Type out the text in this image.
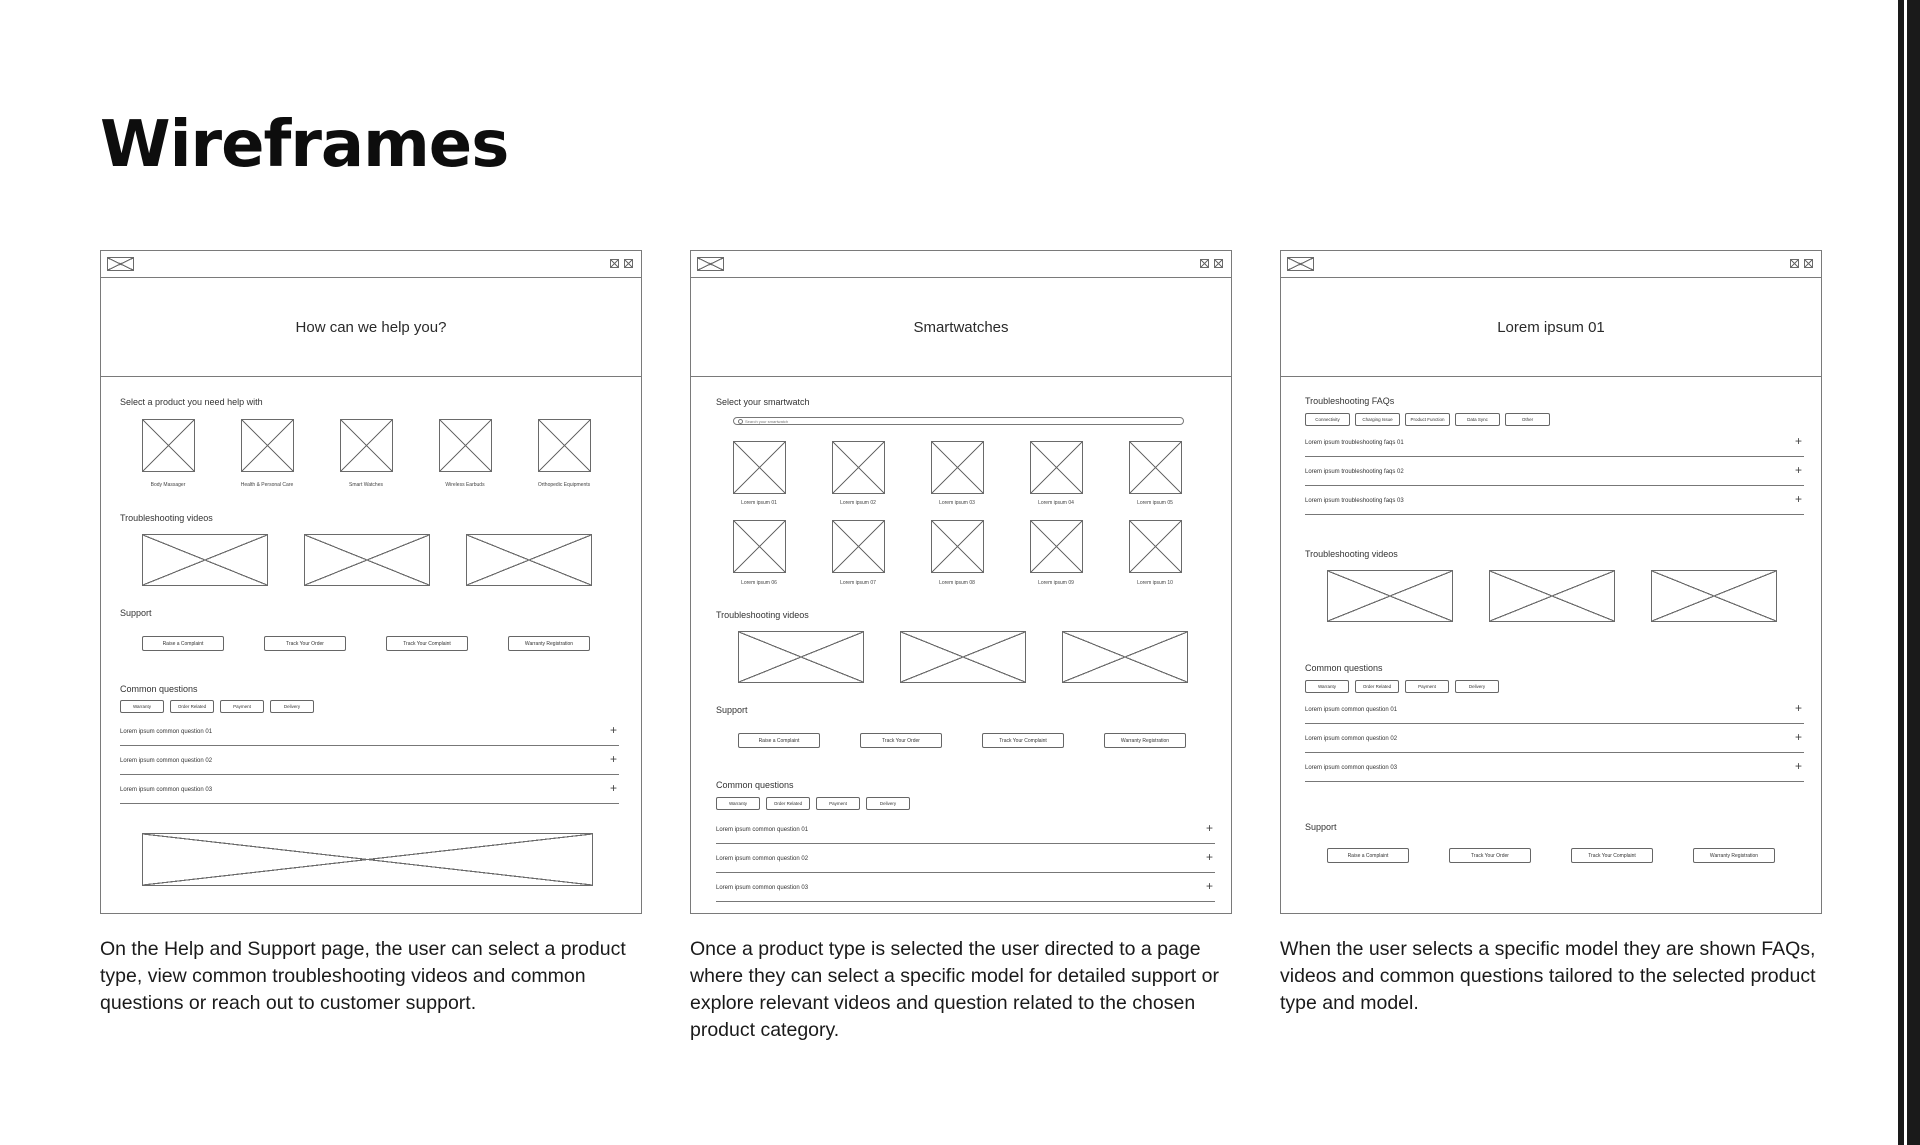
Wireframes
How can we help you?
Select a product you need help with
Body Massager	Health & Personal Care	Smart Watches	Wireless Earbuds	Orthopedic Equipments
Troubleshooting videos
Support
Raise a Complaint	Track Your Order	Track Your Complaint	Warranty Registration
Common questions
Warranty	Order Related	Payment	Delivery
Lorem ipsum common question 01	+
Lorem ipsum common question 02	+
Lorem ipsum common question 03	+
Smartwatches
Select your smartwatch
Search your smartwatch
Lorem ipsum 01	Lorem ipsum 02	Lorem ipsum 03	Lorem ipsum 04	Lorem ipsum 05
Lorem ipsum 06	Lorem ipsum 07	Lorem ipsum 08	Lorem ipsum 09	Lorem ipsum 10
Troubleshooting videos
Support
Raise a Complaint	Track Your Order	Track Your Complaint	Warranty Registration
Common questions
Warranty	Order Related	Payment	Delivery
Lorem ipsum common question 01	+
Lorem ipsum common question 02	+
Lorem ipsum common question 03	+
Lorem ipsum 01
Troubleshooting FAQs
Connectivity	Charging Issue	Product Function	Data Sync	Other
Lorem ipsum troubleshooting faqs 01	+
Lorem ipsum troubleshooting faqs 02	+
Lorem ipsum troubleshooting faqs 03	+
Troubleshooting videos
Common questions
Warranty	Order Related	Payment	Delivery
Lorem ipsum common question 01	+
Lorem ipsum common question 02	+
Lorem ipsum common question 03	+
Support
Raise a Complaint	Track Your Order	Track Your Complaint	Warranty Registration

On the Help and Support page, the user can select a product type, view common troubleshooting videos and common questions or reach out to customer support.

Once a product type is selected the user directed to a page where they can select a specific model for detailed support or explore relevant videos and question related to the chosen product category.

When the user selects a specific model they are shown FAQs, videos and common questions tailored to the selected product type and model.
